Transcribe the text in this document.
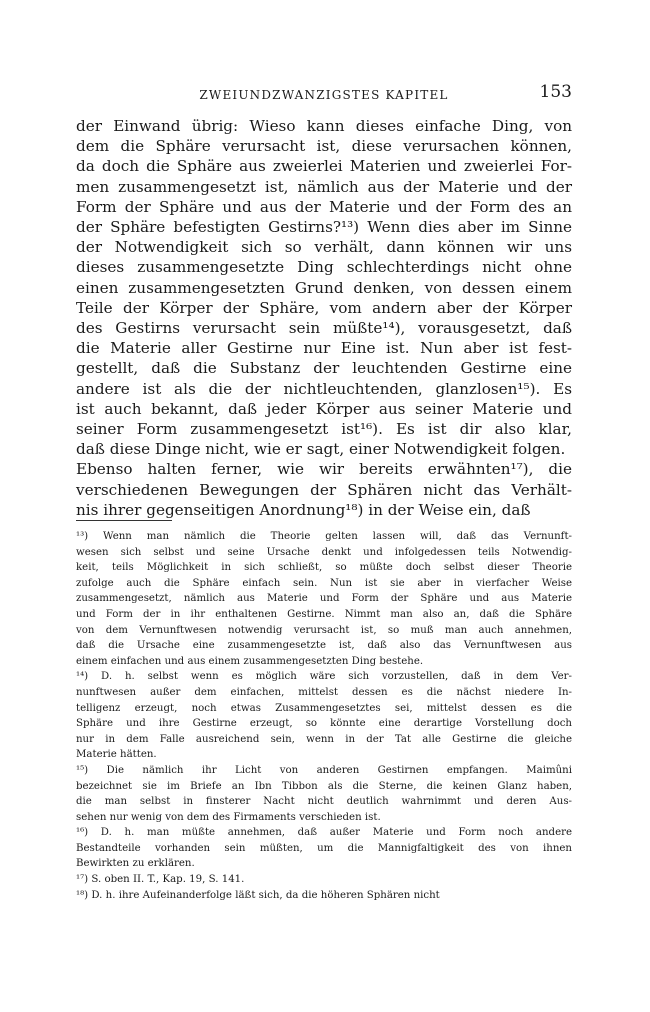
ZWEIUNDZWANZIGSTES KAPITEL	153
der Einwand übrig: Wieso kann dieses einfache Ding, von
dem die Sphäre verursacht ist, diese verursachen können,
da doch die Sphäre aus zweierlei Materien und zweierlei For-
men zusammengesetzt ist, nämlich aus der Materie und der
Form der Sphäre und aus der Materie und der Form des an
der Sphäre befestigten Gestirns?¹³) Wenn dies aber im Sinne
der Notwendigkeit sich so verhält, dann können wir uns
dieses zusammengesetzte Ding schlechterdings nicht ohne
einen zusammengesetzten Grund denken, von dessen einem
Teile der Körper der Sphäre, vom andern aber der Körper
des Gestirns verursacht sein müßte¹⁴), vorausgesetzt, daß
die Materie aller Gestirne nur Eine ist. Nun aber ist fest-
gestellt, daß die Substanz der leuchtenden Gestirne eine
andere ist als die der nichtleuchtenden, glanzlosen¹⁵). Es
ist auch bekannt, daß jeder Körper aus seiner Materie und
seiner Form zusammengesetzt ist¹⁶). Es ist dir also klar,
daß diese Dinge nicht, wie er sagt, einer Notwendigkeit folgen.
Ebenso halten ferner, wie wir bereits erwähnten¹⁷), die
verschiedenen Bewegungen der Sphären nicht das Verhält-
nis ihrer gegenseitigen Anordnung¹⁸) in der Weise ein, daß
¹³) Wenn man nämlich die Theorie gelten lassen will, daß das Vernunft-
wesen sich selbst und seine Ursache denkt und infolgedessen teils Notwendig-
keit, teils Möglichkeit in sich schließt, so müßte doch selbst dieser Theorie
zufolge auch die Sphäre einfach sein. Nun ist sie aber in vierfacher Weise
zusammengesetzt, nämlich aus Materie und Form der Sphäre und aus Materie
und Form der in ihr enthaltenen Gestirne. Nimmt man also an, daß die Sphäre
von dem Vernunftwesen notwendig verursacht ist, so muß man auch annehmen,
daß die Ursache eine zusammengesetzte ist, daß also das Vernunftwesen aus
einem einfachen und aus einem zusammengesetzten Ding bestehe.
¹⁴) D. h. selbst wenn es möglich wäre sich vorzustellen, daß in dem Ver-
nunftwesen außer dem einfachen, mittelst dessen es die nächst niedere In-
telligenz erzeugt, noch etwas Zusammengesetztes sei, mittelst dessen es die
Sphäre und ihre Gestirne erzeugt, so könnte eine derartige Vorstellung doch
nur in dem Falle ausreichend sein, wenn in der Tat alle Gestirne die gleiche
Materie hätten.
¹⁵) Die nämlich ihr Licht von anderen Gestirnen empfangen. Maimûni
bezeichnet sie im Briefe an Ibn Tibbon als die Sterne, die keinen Glanz haben,
die man selbst in finsterer Nacht nicht deutlich wahrnimmt und deren Aus-
sehen nur wenig von dem des Firmaments verschieden ist.
¹⁶) D. h. man müßte annehmen, daß außer Materie und Form noch andere
Bestandteile vorhanden sein müßten, um die Mannigfaltigkeit des von ihnen
Bewirkten zu erklären.
¹⁷) S. oben II. T., Kap. 19, S. 141.
¹⁸) D. h. ihre Aufeinanderfolge läßt sich, da die höheren Sphären nicht
